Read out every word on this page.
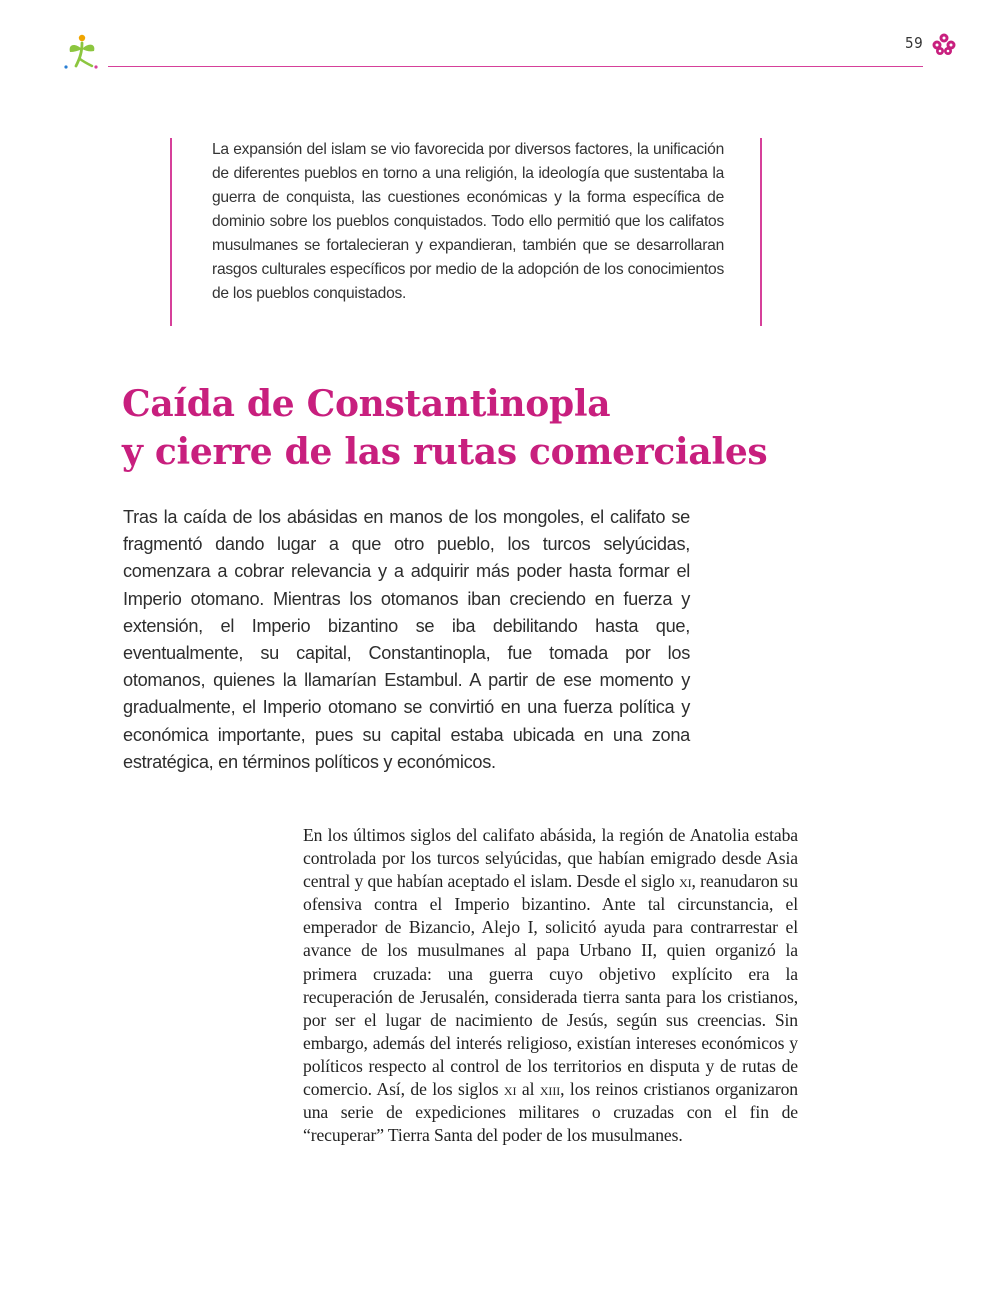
59

La expansión del islam se vio favorecida por diversos factores, la unificación de diferentes pueblos en torno a una religión, la ideología que sustentaba la guerra de conquista, las cuestiones económicas y la forma específica de dominio sobre los pueblos conquistados. Todo ello permitió que los califatos musulmanes se fortalecieran y expandieran, también que se desarrollaran rasgos culturales específicos por medio de la adopción de los conocimientos de los pueblos conquistados.

Caída de Constantinopla
y cierre de las rutas comerciales

Tras la caída de los abásidas en manos de los mongoles, el califato se fragmentó dando lugar a que otro pueblo, los turcos selyúcidas, comenzara a cobrar relevancia y a adquirir más poder hasta formar el Imperio otomano. Mientras los otomanos iban creciendo en fuerza y extensión, el Imperio bizantino se iba debilitando hasta que, eventualmente, su capital, Constantinopla, fue tomada por los otomanos, quienes la llamarían Estambul. A partir de ese momento y gradualmente, el Imperio otomano se convirtió en una fuerza política y económica importante, pues su capital estaba ubicada en una zona estratégica, en términos políticos y económicos.

En los últimos siglos del califato abásida, la región de Anatolia estaba controlada por los turcos selyúcidas, que habían emigrado desde Asia central y que habían aceptado el islam. Desde el siglo xi, reanudaron su ofensiva contra el Imperio bizantino. Ante tal circunstancia, el emperador de Bizancio, Alejo I, solicitó ayuda para contrarrestar el avance de los musulmanes al papa Urbano II, quien organizó la primera cruzada: una guerra cuyo objetivo explícito era la recuperación de Jerusalén, considerada tierra santa para los cristianos, por ser el lugar de nacimiento de Jesús, según sus creencias. Sin embargo, además del interés religioso, existían intereses económicos y políticos respecto al control de los territorios en disputa y de rutas de comercio. Así, de los siglos xi al xiii, los reinos cristianos organizaron una serie de expediciones militares o cruzadas con el fin de “recuperar” Tierra Santa del poder de los musulmanes.
